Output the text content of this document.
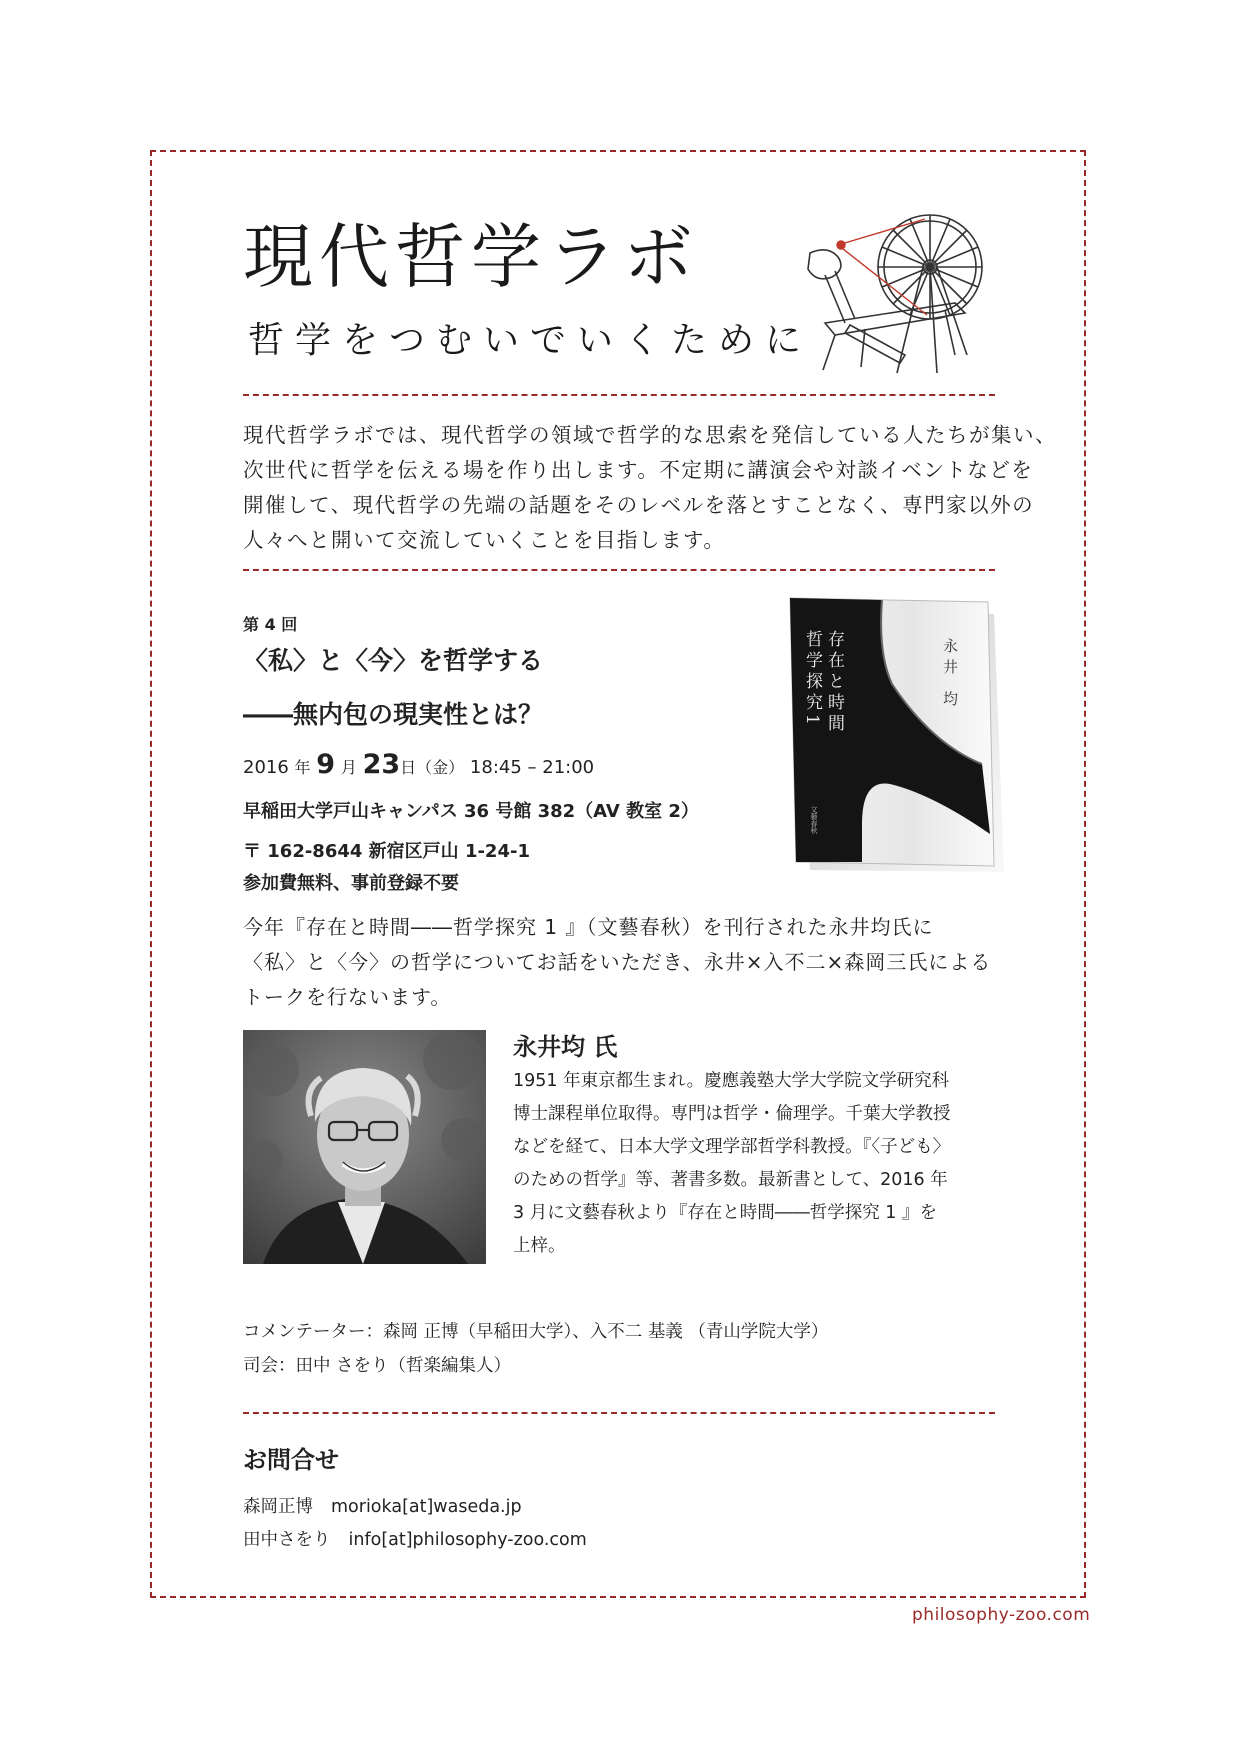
現代哲学ラボ
哲学をつむいでいくために
現代哲学ラボでは、現代哲学の領域で哲学的な思索を発信している人たちが集い、
次世代に哲学を伝える場を作り出します。不定期に講演会や対談イベントなどを
開催して、現代哲学の先端の話題をそのレベルを落とすことなく、専門家以外の
人々へと開いて交流していくことを目指します。
第 4 回
〈私〉と〈今〉を哲学する
――無内包の現実性とは？
2016 年 9 月 23日（金） 18:45 – 21:00
早稲田大学戸山キャンパス 36 号館 382（AV 教室 2）
〒 162-8644 新宿区戸山 1-24-1
参加費無料、事前登録不要
存在と時間
哲学探究1	永井 均
文藝春秋
今年『存在と時間――哲学探究 1 』（文藝春秋）を刊行された永井均氏に
〈私〉と〈今〉の哲学についてお話をいただき、永井×入不二×森岡三氏による
トークを行ないます。
永井均 氏
1951 年東京都生まれ。慶應義塾大学大学院文学研究科
博士課程単位取得。専門は哲学・倫理学。千葉大学教授
などを経て、日本大学文理学部哲学科教授。『〈子ども〉
のための哲学』等、著書多数。最新書として、2016 年
3 月に文藝春秋より『存在と時間――哲学探究 1 』を
上梓。
コメンテーター：森岡 正博（早稲田大学）、入不二 基義 （青山学院大学）
司会：田中 さをり（哲楽編集人）
お問合せ
森岡正博 morioka[at]waseda.jp
田中さをり info[at]philosophy-zoo.com
philosophy-zoo.com
